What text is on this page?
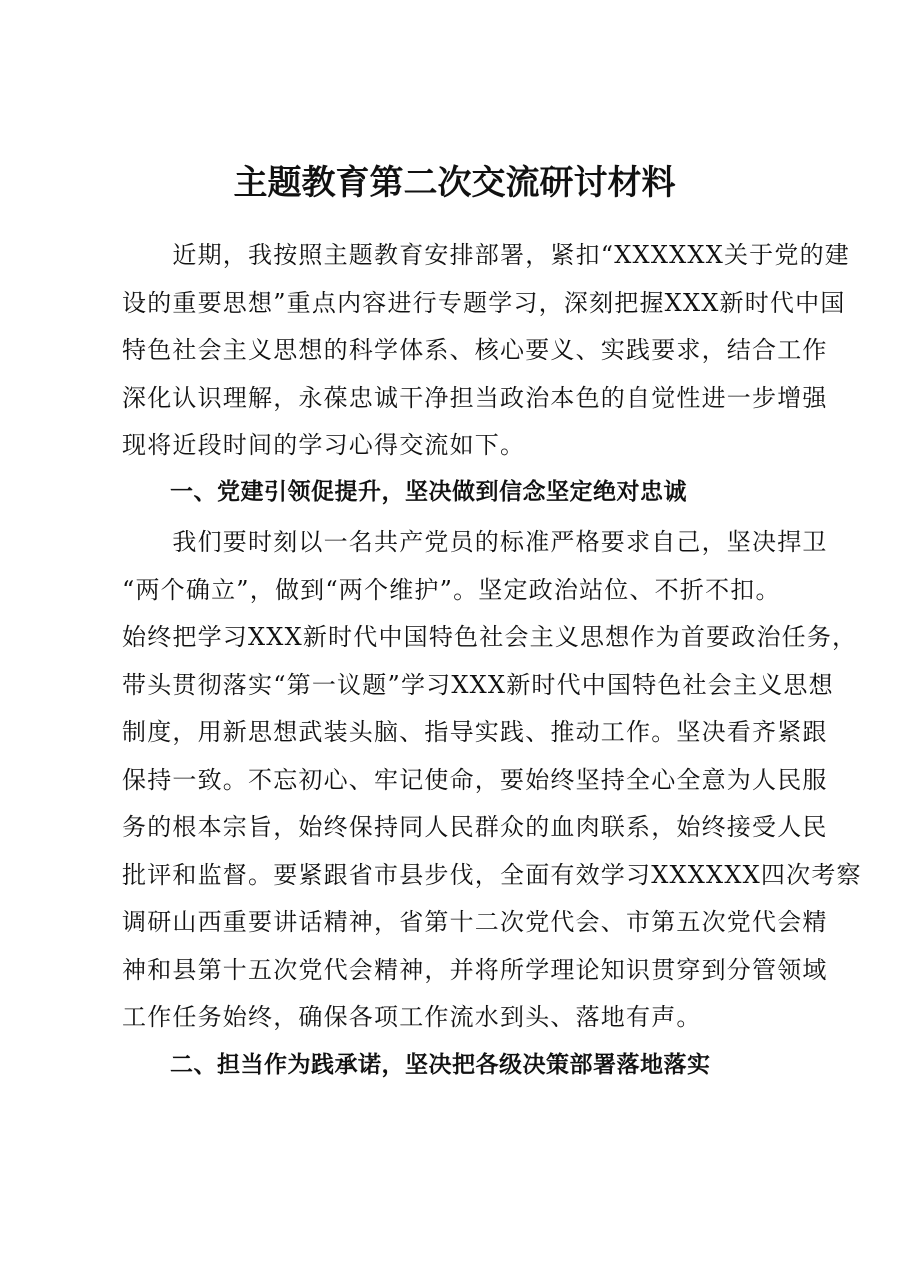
主题教育第二次交流研讨材料

　　近期，我按照主题教育安排部署，紧扣“XXXXXX关于党的建
设的重要思想”重点内容进行专题学习，深刻把握XXX新时代中国
特色社会主义思想的科学体系、核心要义、实践要求，结合工作
深化认识理解，永葆忠诚干净担当政治本色的自觉性进一步增强
现将近段时间的学习心得交流如下。

一、党建引领促提升，坚决做到信念坚定绝对忠诚

　　我们要时刻以一名共产党员的标准严格要求自己，坚决捍卫
“两个确立”，做到“两个维护”。坚定政治站位、不折不扣。
始终把学习XXX新时代中国特色社会主义思想作为首要政治任务，
带头贯彻落实“第一议题”学习XXX新时代中国特色社会主义思想
制度，用新思想武装头脑、指导实践、推动工作。坚决看齐紧跟
保持一致。不忘初心、牢记使命，要始终坚持全心全意为人民服
务的根本宗旨，始终保持同人民群众的血肉联系，始终接受人民
批评和监督。要紧跟省市县步伐，全面有效学习XXXXXX四次考察
调研山西重要讲话精神，省第十二次党代会、市第五次党代会精
神和县第十五次党代会精神，并将所学理论知识贯穿到分管领域
工作任务始终，确保各项工作流水到头、落地有声。

二、担当作为践承诺，坚决把各级决策部署落地落实
